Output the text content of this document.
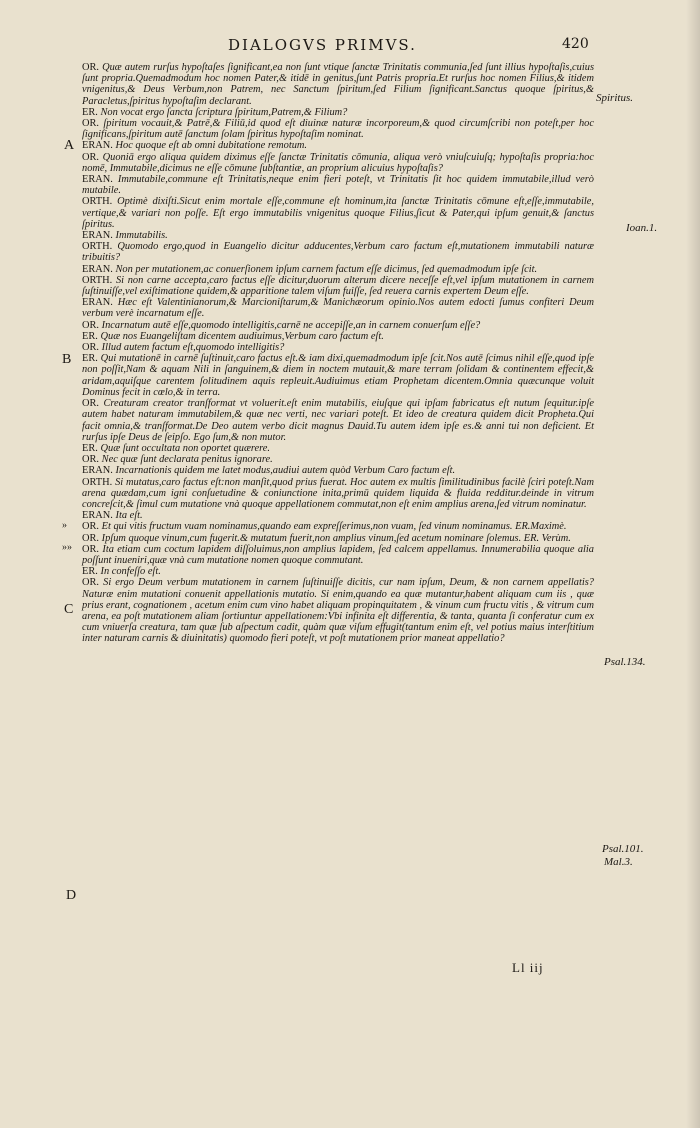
DIALOGVS PRIMVS.	420
A
B
C
D
»
»»
Spiritus.
Ioan.1.
Psal.134.
Psal.101.
Mal.3.

OR. Quæ autem rurſus hypoſtaſes ſignificant,ea non ſunt vtique ſanctæ Trinitatis communia,ſed ſunt illius hypoſtaſis,cuius ſunt propria.Quemadmodum hoc nomen Pater,& itidē in genitus,ſunt Patris propria.Et rurſus hoc nomen Filius,& itidem vnigenitus,& Deus Verbum,non Patrem, nec Sanctum ſpiritum,ſed Filium ſignificant.Sanctus quoque ſpiritus,& Paracletus,ſpiritus hypoſtaſim declarant.

ER. Non vocat ergo ſancta ſcriptura ſpiritum,Patrem,& Filium?

OR. ſpiritum vocauit,& Patrē,& Filiū,id quod eſt diuinæ naturæ incorporeum,& quod circumſcribi non poteſt,per hoc ſignificans,ſpiritum autē ſanctum ſolam ſpiritus hypoſtaſim nominat.

ERAN. Hoc quoque eſt ab omni dubitatione remotum.

OR. Quoniā ergo aliqua quidem diximus eſſe ſanctæ Trinitatis cōmunia, aliqua verò vniuſcuiuſq; hypoſtaſis propria:hoc nomē, Immutabile,dicimus ne eſſe cōmune ſubſtantiæ, an proprium alicuius hypoſtaſis?

ERAN. Immutabile,commune eſt Trinitatis,neque enim fieri poteſt, vt Trinitatis ſit hoc quidem immutabile,illud verò mutabile.

ORTH. Optimè dixiſti.Sicut enim mortale eſſe,commune eſt hominum,ita ſanctæ Trinitatis cōmune eſt,eſſe,immutabile, vertique,& variari non poſſe. Eſt ergo immutabilis vnigenitus quoque Filius,ſicut & Pater,qui ipſum genuit,& ſanctus ſpiritus.

ERAN. Immutabilis.

ORTH. Quomodo ergo,quod in Euangelio dicitur adducentes,Verbum caro factum eſt,mutationem immutabili naturæ tribuitis?

ERAN. Non per mutationem,ac conuerſionem ipſum carnem factum eſſe dicimus, ſed quemadmodum ipſe ſcit.

ORTH. Si non carne accepta,caro factus eſſe dicitur,duorum alterum dicere neceſſe eſt,vel ipſum mutationem in carnem ſuſtinuiſſe,vel exiſtimatione quidem,& apparitione talem viſum fuiſſe, ſed reuera carnis expertem Deum eſſe.

ERAN. Hæc eſt Valentinianorum,& Marcioniſtarum,& Manichæorum opinio.Nos autem edocti ſumus confiteri Deum verbum verè incarnatum eſſe.

OR. Incarnatum autē eſſe,quomodo intelligitis,carnē ne accepiſſe,an in carnem conuerſum eſſe?

ER. Quæ nos Euangeliſtam dicentem audiuimus,Verbum caro factum eſt.

OR. Illud autem factum eſt,quomodo intelligitis?

ER. Qui mutationē in carnē ſuſtinuit,caro factus eſt.& iam dixi,quemadmodum ipſe ſcit.Nos autē ſcimus nihil eſſe,quod ipſe non poſſit,Nam & aquam Nili in ſanguinem,& diem in noctem mutauit,& mare terram ſolidam & continentem effecit,& aridam,aquiſque carentem ſolitudinem aquis repleuit.Audiuimus etiam Prophetam dicentem.Omnia quæcunque voluit Dominus fecit in cœlo,& in terra.

OR. Creaturam creator tranſformat vt voluerit.eſt enim mutabilis, eiuſque qui ipſam fabricatus eſt nutum ſequitur.ipſe autem habet naturam immutabilem,& quæ nec verti, nec variari poteſt. Et ideo de creatura quidem dicit Propheta.Qui facit omnia,& tranſformat.De Deo autem verbo dicit magnus Dauid.Tu autem idem ipſe es.& anni tui non deficient. Et rurſus ipſe Deus de ſeipſo. Ego ſum,& non mutor.

ER. Quæ ſunt occultata non oportet quærere.

OR. Nec quæ ſunt declarata penitus ignorare.

ERAN. Incarnationis quidem me latet modus,audiui autem quòd Verbum Caro factum eſt.

ORTH. Si mutatus,caro factus eſt:non manſit,quod prius fuerat. Hoc autem ex multis ſimilitudinibus facilè ſciri poteſt.Nam arena quædam,cum igni conſuetudine & coniunctione inita,primū quidem liquida & fluida redditur.deinde in vitrum concreſcit,& ſimul cum mutatione vnà quoque appellationem commutat,non eſt enim amplius arena,ſed vitrum nominatur.

ERAN. Ita eſt.

OR. Et qui vitis fructum vuam nominamus,quando eam expreſſerimus,non vuam, ſed vinum nominamus. ER.Maximè.

OR. Ipſum quoque vinum,cum fugerit.& mutatum fuerit,non amplius vinum,ſed acetum nominare ſolemus. ER. Verùm.

OR. Ita etiam cum coctum lapidem diſſoluimus,non amplius lapidem, ſed calcem appellamus. Innumerabilia quoque alia poſſunt inueniri,quæ vnà cum mutatione nomen quoque commutant.

ER. In confeſſo eſt.

OR. Si ergo Deum verbum mutationem in carnem ſuſtinuiſſe dicitis, cur nam ipſum, Deum, & non carnem appellatis? Naturæ enim mutationi conuenit appellationis mutatio. Si enim,quando ea quæ mutantur,habent aliquam cum iis , quæ prius erant, cognationem , acetum enim cum vino habet aliquam propinquitatem , & vinum cum fructu vitis , & vitrum cum arena, ea poſt mutationem aliam ſortiuntur appellationem:Vbi infinita eſt differentia, & tanta, quanta ſi conferatur cum ex cum vniuerſa creatura, tam quæ ſub aſpectum cadit, quàm quæ viſum effugit(tantum enim eſt, vel potius maius interſtitium inter naturam carnis & diuinitatis) quomodo fieri poteſt, vt poſt mutationem prior maneat appellatio?

Ll iij
